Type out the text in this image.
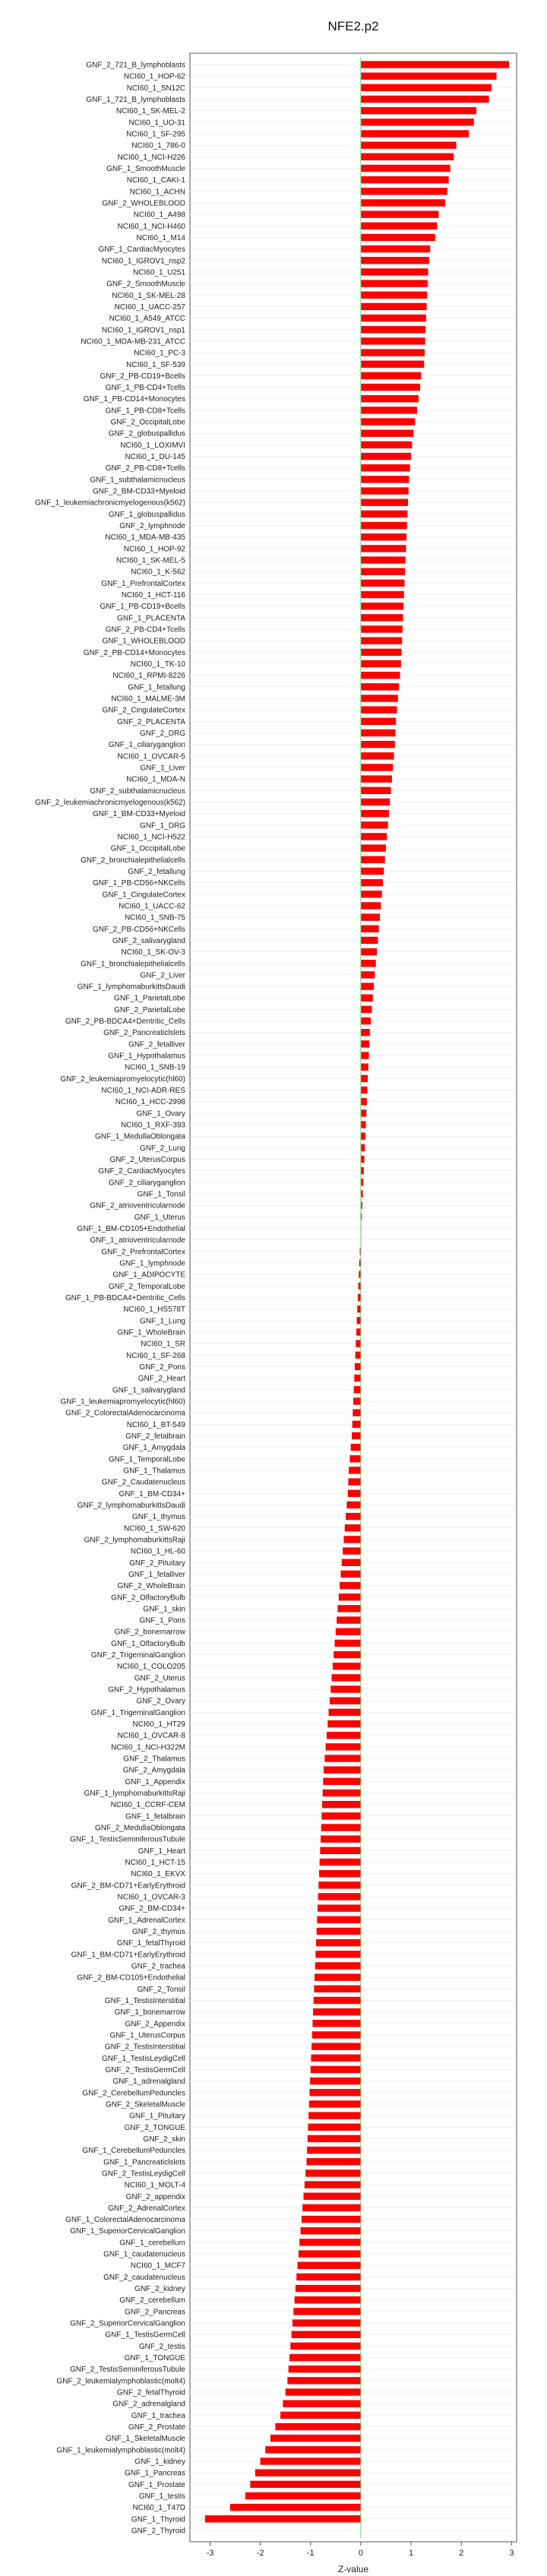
NFE2.p2
GNF_2_721_B_lymphoblasts
NCI60_1_HOP-62
NCI60_1_SN12C
GNF_1_721_B_lymphoblasts
NCI60_1_SK-MEL-2
NCI60_1_UO-31
NCI60_1_SF-295
NCI60_1_786-0
NCI60_1_NCI-H226
GNF_1_SmoothMuscle
NCI60_1_CAKI-1
NCI60_1_ACHN
GNF_2_WHOLEBLOOD
NCI60_1_A498
NCI60_1_NCI-H460
NCI60_1_M14
GNF_1_CardiacMyocytes
NCI60_1_IGROV1_nsp2
NCI60_1_U251
GNF_2_SmoothMuscle
NCI60_1_SK-MEL-28
NCI60_1_UACC-257
NCI60_1_A549_ATCC
NCI60_1_IGROV1_nsp1
NCI60_1_MDA-MB-231_ATCC
NCI60_1_PC-3
NCI60_1_SF-539
GNF_2_PB-CD19+Bcells
GNF_1_PB-CD4+Tcells
GNF_1_PB-CD14+Monocytes
GNF_1_PB-CD8+Tcells
GNF_2_OccipitalLobe
GNF_2_globuspallidus
NCI60_1_LOXIMVI
NCI60_1_DU-145
GNF_2_PB-CD8+Tcells
GNF_1_subthalamicnucleus
GNF_2_BM-CD33+Myeloid
GNF_1_leukemiachronicmyelogenous(k562)
GNF_1_globuspallidus
GNF_2_lymphnode
NCI60_1_MDA-MB-435
NCI60_1_HOP-92
NCI60_1_SK-MEL-5
NCI60_1_K-562
GNF_1_PrefrontalCortex
NCI60_1_HCT-116
GNF_1_PB-CD19+Bcells
GNF_1_PLACENTA
GNF_2_PB-CD4+Tcells
GNF_1_WHOLEBLOOD
GNF_2_PB-CD14+Monocytes
NCI60_1_TK-10
NCI60_1_RPMI-8226
GNF_1_fetallung
NCI60_1_MALME-3M
GNF_2_CingulateCortex
GNF_2_PLACENTA
GNF_2_DRG
GNF_1_ciliaryganglion
NCI60_1_OVCAR-5
GNF_1_Liver
NCI60_1_MDA-N
GNF_2_subthalamicnucleus
GNF_2_leukemiachronicmyelogenous(k562)
GNF_1_BM-CD33+Myeloid
GNF_1_DRG
NCI60_1_NCI-H522
GNF_1_OccipitalLobe
GNF_2_bronchialepithelialcells
GNF_2_fetallung
GNF_1_PB-CD56+NKCells
GNF_1_CingulateCortex
NCI60_1_UACC-62
NCI60_1_SNB-75
GNF_2_PB-CD56+NKCells
GNF_2_salivarygland
NCI60_1_SK-OV-3
GNF_1_bronchialepithelialcells
GNF_2_Liver
GNF_1_lymphomaburkittsDaudi
GNF_1_ParietalLobe
GNF_2_ParietalLobe
GNF_2_PB-BDCA4+Dentritic_Cells
GNF_2_Pancreaticlslets
GNF_2_fetalliver
GNF_1_Hypothalamus
NCI60_1_SNB-19
GNF_2_leukemiapromyelocytic(hl60)
NCI60_1_NCI-ADR-RES
NCI60_1_HCC-2998
GNF_1_Ovary
NCI60_1_RXF-393
GNF_1_MedullaOblongata
GNF_2_Lung
GNF_2_UterusCorpus
GNF_2_CardiacMyocytes
GNF_2_ciliaryganglion
GNF_1_Tonsil
GNF_2_atrioventricularnode
GNF_1_Uterus
GNF_1_BM-CD105+Endothelial
GNF_1_atrioventricularnode
GNF_2_PrefrontalCortex
GNF_1_lymphnode
GNF_1_ADIPOCYTE
GNF_2_TemporalLobe
GNF_1_PB-BDCA4+Dentritic_Cells
NCI60_1_HS578T
GNF_1_Lung
GNF_1_WholeBrain
NCI60_1_SR
NCI60_1_SF-268
GNF_2_Pons
GNF_2_Heart
GNF_1_salivarygland
GNF_1_leukemiapromyelocytic(hl60)
GNF_2_ColorectalAdenocarcinoma
NCI60_1_BT-549
GNF_2_fetalbrain
GNF_1_Amygdala
GNF_1_TemporalLobe
GNF_1_Thalamus
GNF_2_Caudatenucleus
GNF_1_BM-CD34+
GNF_2_lymphomaburkittsDaudi
GNF_1_thymus
NCI60_1_SW-620
GNF_2_lymphomaburkittsRaji
NCI60_1_HL-60
GNF_2_Pituitary
GNF_1_fetalliver
GNF_2_WholeBrain
GNF_2_OlfactoryBulb
GNF_1_skin
GNF_1_Pons
GNF_2_bonemarrow
GNF_1_OlfactoryBulb
GNF_2_TrigeminalGanglion
NCI60_1_COLO205
GNF_2_Uterus
GNF_2_Hypothalamus
GNF_2_Ovary
GNF_1_TrigeminalGanglion
NCI60_1_HT29
NCI60_1_OVCAR-8
NCI60_1_NCI-H322M
GNF_2_Thalamus
GNF_2_Amygdala
GNF_1_Appendix
GNF_1_lymphomaburkittsRaji
NCI60_1_CCRF-CEM
GNF_1_fetalbrain
GNF_2_MedullaOblongata
GNF_1_TestisSeminiferousTubule
GNF_1_Heart
NCI60_1_HCT-15
NCI60_1_EKVX
GNF_2_BM-CD71+EarlyErythroid
NCI60_1_OVCAR-3
GNF_2_BM-CD34+
GNF_1_AdrenalCortex
GNF_2_thymus
GNF_1_fetalThyroid
GNF_1_BM-CD71+EarlyErythroid
GNF_2_trachea
GNF_2_BM-CD105+Endothelial
GNF_2_Tonsil
GNF_1_TestisInterstitial
GNF_1_bonemarrow
GNF_2_Appendix
GNF_1_UterusCorpus
GNF_2_TestisInterstitial
GNF_1_TestisLeydigCell
GNF_2_TestisGermCell
GNF_1_adrenalgland
GNF_2_CerebellumPeduncles
GNF_2_SkeletalMuscle
GNF_1_Pituitary
GNF_2_TONGUE
GNF_2_skin
GNF_1_CerebellumPeduncles
GNF_1_Pancreaticlslets
GNF_2_TestisLeydigCell
NCI60_1_MOLT-4
GNF_2_appendix
GNF_2_AdrenalCortex
GNF_1_ColorectalAdenocarcinoma
GNF_1_SuperiorCervicalGanglion
GNF_1_cerebellum
GNF_1_caudatenucleus
NCI60_1_MCF7
GNF_2_caudatenucleus
GNF_2_kidney
GNF_2_cerebellum
GNF_2_Pancreas
GNF_2_SuperiorCervicalGanglion
GNF_1_TestisGermCell
GNF_2_testis
GNF_1_TONGUE
GNF_2_TestisSeminiferousTubule
GNF_2_leukemialymphoblastic(molt4)
GNF_2_fetalThyroid
GNF_2_adrenalgland
GNF_1_trachea
GNF_2_Prostate
GNF_1_SkeletalMuscle
GNF_1_leukemialymphoblastic(molt4)
GNF_1_kidney
GNF_1_Pancreas
GNF_1_Prostate
GNF_1_testis
NCI60_1_T47D
GNF_1_Thyroid
GNF_2_Thyroid
-3	-2	-1	0	1	2	3
Z-value
